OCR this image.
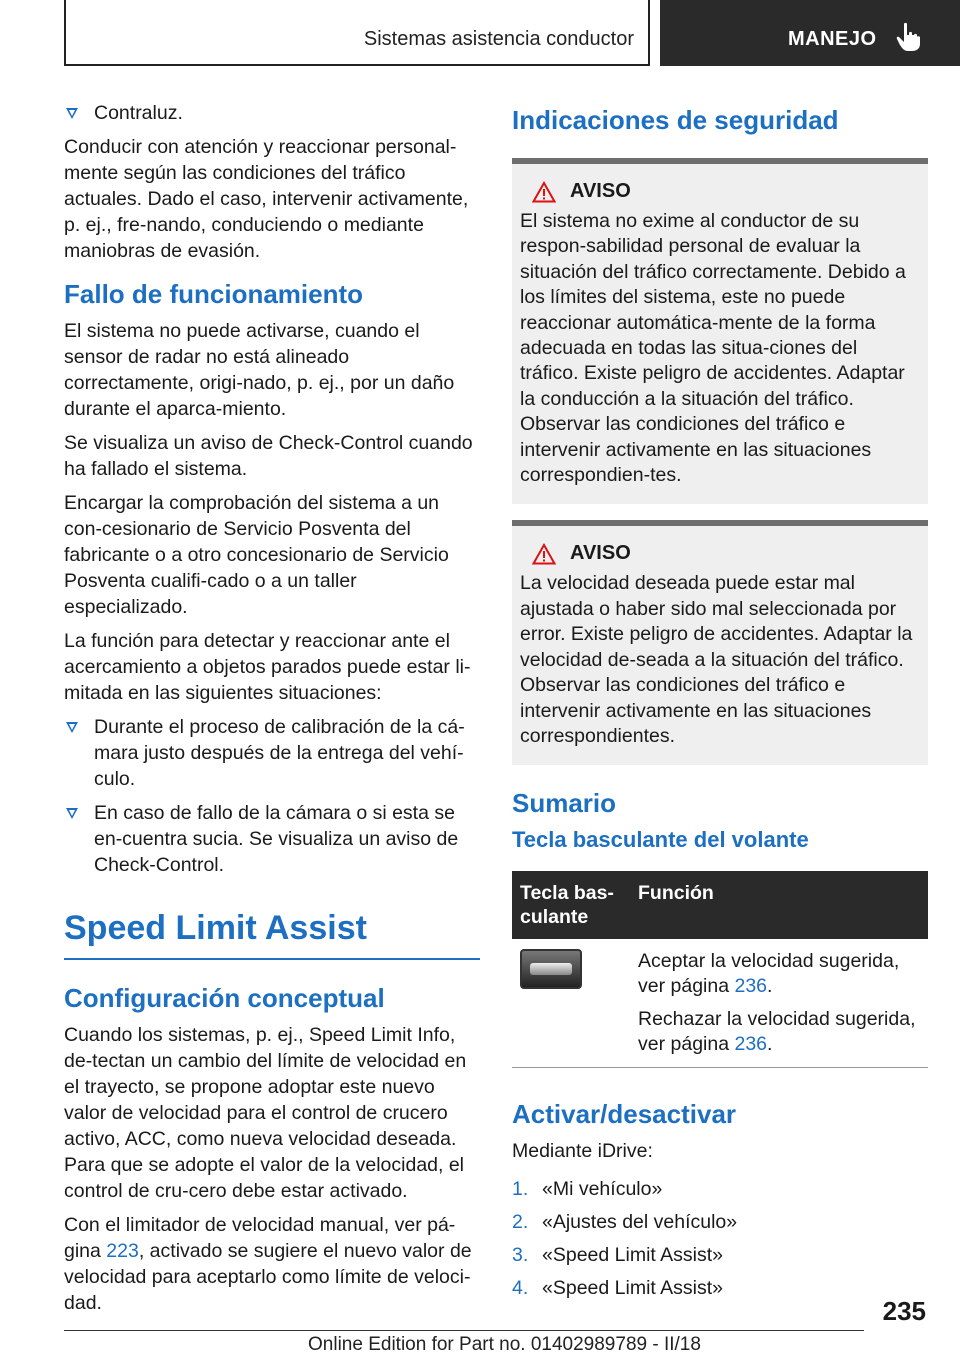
Sistemas asistencia conductor	MANEJO
Contraluz.

Conducir con atención y reaccionar personal-mente según las condiciones del tráfico actuales. Dado el caso, intervenir activamente, p. ej., fre-nando, conduciendo o mediante maniobras de evasión.

Fallo de funcionamiento

El sistema no puede activarse, cuando el sensor de radar no está alineado correctamente, origi-nado, p. ej., por un daño durante el aparca-miento.

Se visualiza un aviso de Check-Control cuando ha fallado el sistema.

Encargar la comprobación del sistema a un con-cesionario de Servicio Posventa del fabricante o a otro concesionario de Servicio Posventa cualifi-cado o a un taller especializado.

La función para detectar y reaccionar ante el acercamiento a objetos parados puede estar li-mitada en las siguientes situaciones:

Durante el proceso de calibración de la cá-mara justo después de la entrega del vehí-culo.
En caso de fallo de la cámara o si esta se en-cuentra sucia. Se visualiza un aviso de Check-Control.
Speed Limit Assist
Configuración conceptual

Cuando los sistemas, p. ej., Speed Limit Info, de-tectan un cambio del límite de velocidad en el trayecto, se propone adoptar este nuevo valor de velocidad para el control de crucero activo, ACC, como nueva velocidad deseada. Para que se adopte el valor de la velocidad, el control de cru-cero debe estar activado.

Con el limitador de velocidad manual, ver pá-gina 223, activado se sugiere el nuevo valor de velocidad para aceptarlo como límite de veloci-dad.

Indicaciones de seguridad
AVISO

El sistema no exime al conductor de su respon-sabilidad personal de evaluar la situación del tráfico correctamente. Debido a los límites del sistema, este no puede reaccionar automática-mente de la forma adecuada en todas las situa-ciones del tráfico. Existe peligro de accidentes. Adaptar la conducción a la situación del tráfico. Observar las condiciones del tráfico e intervenir activamente en las situaciones correspondien-tes.

AVISO

La velocidad deseada puede estar mal ajustada o haber sido mal seleccionada por error. Existe peligro de accidentes. Adaptar la velocidad de-seada a la situación del tráfico. Observar las condiciones del tráfico e intervenir activamente en las situaciones correspondientes.

Sumario
Tecla basculante del volante
Tecla bas-culante	Función

	Aceptar la velocidad sugerida, ver página 236.
Rechazar la velocidad sugerida, ver página 236.
Activar/desactivar

Mediante iDrive:

1. «Mi vehículo»
2. «Ajustes del vehículo»
3. «Speed Limit Assist»
4. «Speed Limit Assist»
235
Online Edition for Part no. 01402989789 - II/18
